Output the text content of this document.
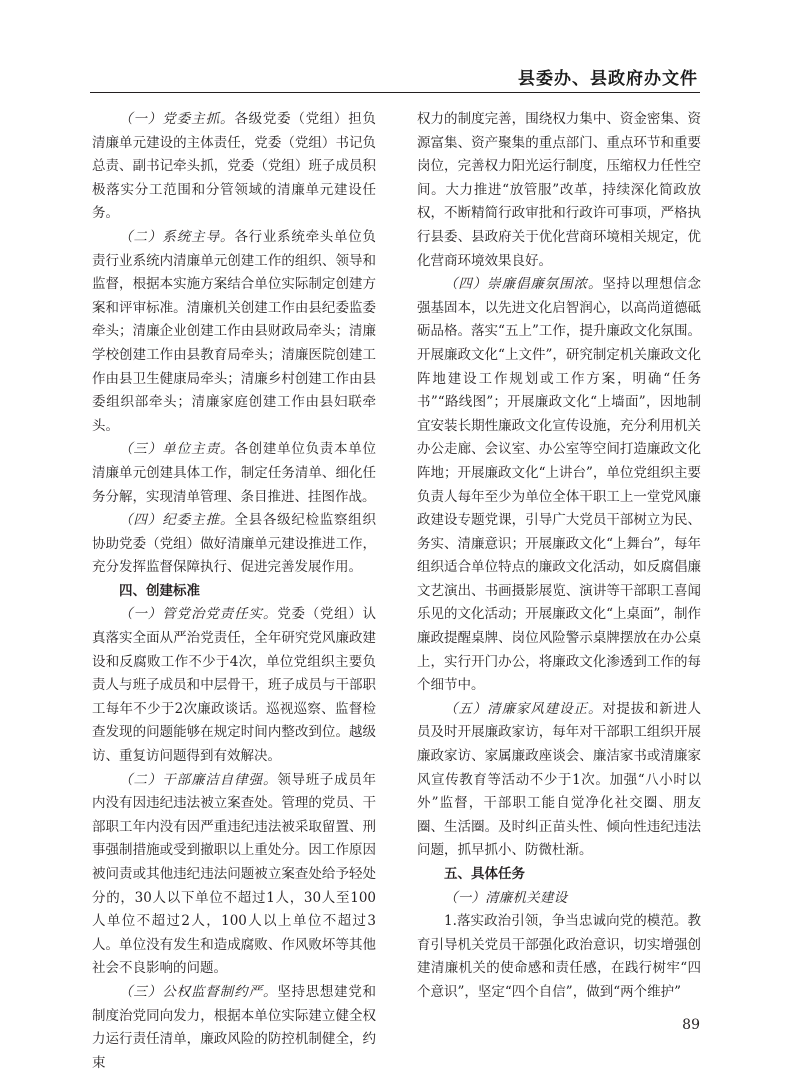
县委办、县政府办文件

（一）党委主抓。各级党委（党组）担负清廉单元建设的主体责任，党委（党组）书记负总责、副书记牵头抓，党委（党组）班子成员积极落实分工范围和分管领域的清廉单元建设任务。

（二）系统主导。各行业系统牵头单位负责行业系统内清廉单元创建工作的组织、领导和监督，根据本实施方案结合单位实际制定创建方案和评审标准。清廉机关创建工作由县纪委监委牵头；清廉企业创建工作由县财政局牵头；清廉学校创建工作由县教育局牵头；清廉医院创建工作由县卫生健康局牵头；清廉乡村创建工作由县委组织部牵头；清廉家庭创建工作由县妇联牵头。

（三）单位主责。各创建单位负责本单位清廉单元创建具体工作，制定任务清单、细化任务分解，实现清单管理、条目推进、挂图作战。

（四）纪委主推。全县各级纪检监察组织协助党委（党组）做好清廉单元建设推进工作，充分发挥监督保障执行、促进完善发展作用。

四、创建标准

（一）管党治党责任实。党委（党组）认真落实全面从严治党责任，全年研究党风廉政建设和反腐败工作不少于4次，单位党组织主要负责人与班子成员和中层骨干，班子成员与干部职工每年不少于2次廉政谈话。巡视巡察、监督检查发现的问题能够在规定时间内整改到位。越级访、重复访问题得到有效解决。

（二）干部廉洁自律强。领导班子成员年内没有因违纪违法被立案查处。管理的党员、干部职工年内没有因严重违纪违法被采取留置、刑事强制措施或受到撤职以上重处分。因工作原因被问责或其他违纪违法问题被立案查处给予轻处分的，30人以下单位不超过1人，30人至100人单位不超过2人，100人以上单位不超过3人。单位没有发生和造成腐败、作风败坏等其他社会不良影响的问题。

（三）公权监督制约严。坚持思想建党和制度治党同向发力，根据本单位实际建立健全权力运行责任清单，廉政风险的防控机制健全，约束

权力的制度完善，围绕权力集中、资金密集、资源富集、资产聚集的重点部门、重点环节和重要岗位，完善权力阳光运行制度，压缩权力任性空间。大力推进“放管服”改革，持续深化简政放权，不断精简行政审批和行政许可事项，严格执行县委、县政府关于优化营商环境相关规定，优化营商环境效果良好。

（四）崇廉倡廉氛围浓。坚持以理想信念强基固本，以先进文化启智润心，以高尚道德砥砺品格。落实“五上”工作，提升廉政文化氛围。开展廉政文化“上文件”，研究制定机关廉政文化阵地建设工作规划或工作方案，明确“任务书”“路线图”；开展廉政文化“上墙面”，因地制宜安装长期性廉政文化宣传设施，充分利用机关办公走廊、会议室、办公室等空间打造廉政文化阵地；开展廉政文化“上讲台”，单位党组织主要负责人每年至少为单位全体干职工上一堂党风廉政建设专题党课，引导广大党员干部树立为民、务实、清廉意识；开展廉政文化“上舞台”，每年组织适合单位特点的廉政文化活动，如反腐倡廉文艺演出、书画摄影展览、演讲等干部职工喜闻乐见的文化活动；开展廉政文化“上桌面”，制作廉政提醒桌牌、岗位风险警示桌牌摆放在办公桌上，实行开门办公，将廉政文化渗透到工作的每个细节中。

（五）清廉家风建设正。对提拔和新进人员及时开展廉政家访，每年对干部职工组织开展廉政家访、家属廉政座谈会、廉洁家书或清廉家风宣传教育等活动不少于1次。加强“八小时以外”监督，干部职工能自觉净化社交圈、朋友圈、生活圈。及时纠正苗头性、倾向性违纪违法问题，抓早抓小、防微杜渐。

五、具体任务

（一）清廉机关建设

1.落实政治引领，争当忠诚向党的模范。教育引导机关党员干部强化政治意识，切实增强创建清廉机关的使命感和责任感，在践行树牢“四个意识”，坚定“四个自信”，做到“两个维护”

89
